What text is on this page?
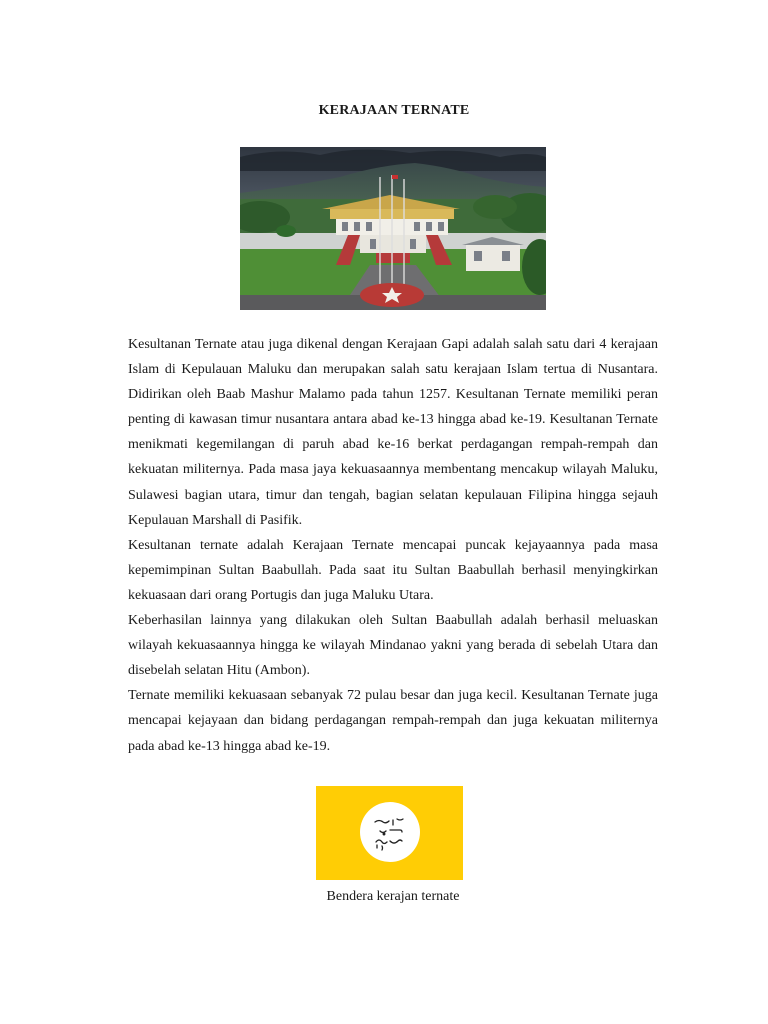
KERAJAAN TERNATE

Kesultanan Ternate atau juga dikenal dengan Kerajaan Gapi adalah salah satu dari 4 kerajaan Islam di Kepulauan Maluku dan merupakan salah satu kerajaan Islam tertua di Nusantara. Didirikan oleh Baab Mashur Malamo pada tahun 1257. Kesultanan Ternate memiliki peran penting di kawasan timur nusantara antara abad ke-13 hingga abad ke-19. Kesultanan Ternate menikmati kegemilangan di paruh abad ke-16 berkat perdagangan rempah-rempah dan kekuatan militernya. Pada masa jaya kekuasaannya membentang mencakup wilayah Maluku, Sulawesi bagian utara, timur dan tengah, bagian selatan kepulauan Filipina hingga sejauh Kepulauan Marshall di Pasifik.

Kesultanan ternate adalah Kerajaan Ternate mencapai puncak kejayaannya pada masa kepemimpinan Sultan Baabullah. Pada saat itu Sultan Baabullah berhasil menyingkirkan kekuasaan dari orang Portugis dan juga Maluku Utara.

Keberhasilan lainnya yang dilakukan oleh Sultan Baabullah adalah berhasil meluaskan wilayah kekuasaannya hingga ke wilayah Mindanao yakni yang berada di sebelah Utara dan disebelah selatan Hitu (Ambon).

Ternate memiliki kekuasaan sebanyak 72 pulau besar dan juga kecil. Kesultanan Ternate juga mencapai kejayaan dan bidang perdagangan rempah-rempah dan juga kekuatan militernya pada abad ke-13 hingga abad ke-19.

Bendera kerajan ternate
